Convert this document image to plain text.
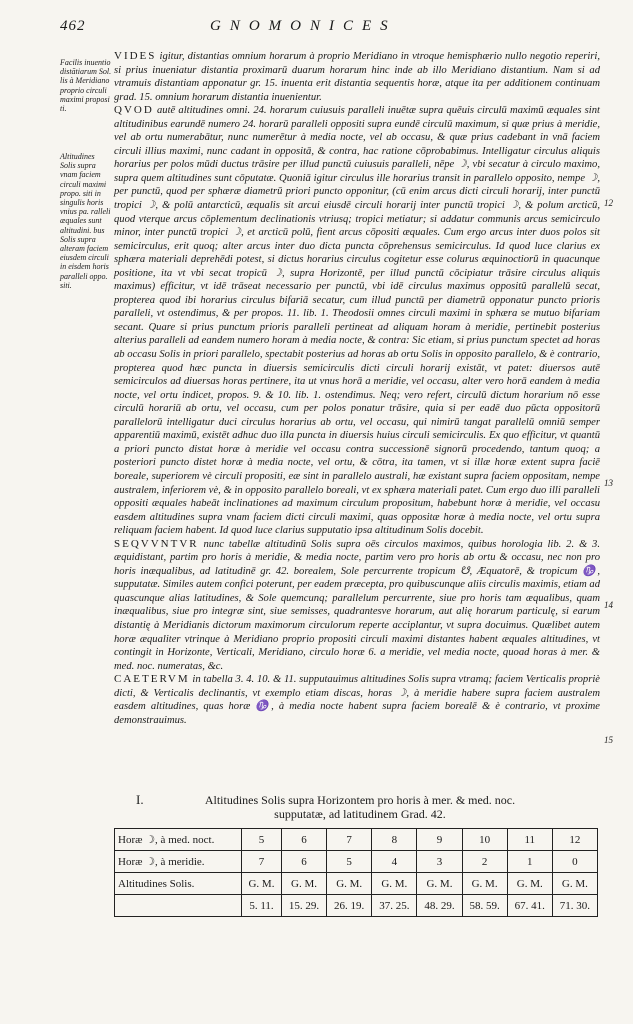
462	GNOMONICES
Facilis inuentio distātiarum Sol. lis à Meridiano proprio circuli maximi proposi ti.
Altitudines Solis supra vnam faciem circuli maximi propo. siti in singulis horis vnius pa. ralleli æquales sunt altitudini. bus Solis supra alteram faciem eiusdem circuli in eisdem horis paralleli oppo. siti.

VIDES igitur, distantias omnium horarum à proprio Meridiano in vtroque hemisphærio nullo negotio reperiri, si prius inueniatur distantia proximarū duarum horarum hinc inde ab illo Meridiano distantium. Nam si ad vtramuis distantiam apponatur gr. 15. inuenta erit distantia sequentis horæ, atque ita per additionem continuam grad. 15. omnium horarum distantia inuenientur.

QVOD autē altitudines omni. 24. horarum cuiusuis paralleli inuētæ supra quēuis circulū maximū æquales sint altitudinibus earundē numero 24. horarū paralleli oppositi supra eundē circulū maximum, si quæ prius à meridie, vel ab ortu numerabātur, nunc numerētur à media nocte, vel ab occasu, & quæ prius cadebant in vnā faciem circuli illius maximi, nunc cadant in oppositā, & contra, hac ratione cōprobabimus. Intelligatur circulus aliquis horarius per polos mūdi ductus trāsire per illud punctū cuiusuis paralleli, nēpe ☽, vbi secatur à circulo maximo, supra quem altitudines sunt cōputatæ. Quoniā igitur circulus ille horarius transit in parallelo opposito, nempe ☽, per punctū, quod per sphæræ diametrū priori puncto opponitur, (cū enim arcus dicti circuli horarij, inter punctū tropici ☽, & polū antarcticū, æqualis sit arcui eiusdē circuli horarij inter punctū tropici ☽, & polum arcticū, quod vterque arcus cōplementum declinationis vtriusq; tropici metiatur; si addatur communis arcus semicirculo minor, inter punctū tropici ☽, et arcticū polū, fient arcus cōpositi æquales. Cum ergo arcus inter duos polos sit semicirculus, erit quoq; alter arcus inter duo dicta puncta cōprehensus semicirculus. Id quod luce clarius ex sphæra materiali deprehēdi potest, si dictus horarius circulus cogitetur esse colurus æquinoctiorū in quacunque positione, ita vt vbi secat tropicū ☽, supra Horizontē, per illud punctū cōcipiatur trāsire circulus aliquis maximus) efficitur, vt idē trāseat necessario per punctū, vbi idē circulus maximus oppositū parallelū secat, propterea quod ibi horarius circulus bifariā secatur, cum illud punctū per diametrū opponatur puncto prioris paralleli, vt ostendimus, & per propos. 11. lib. 1. Theodosii omnes circuli maximi in sphæra se mutuo bifariam secant. Quare si prius punctum prioris paralleli pertineat ad aliquam horam à meridie, pertinebit posterius alterius paralleli ad eandem numero horam à media nocte, & contra: Sic etiam, si prius punctum spectet ad horas ab occasu Solis in priori parallelo, spectabit posterius ad horas ab ortu Solis in opposito parallelo, & è contrario, propterea quod hæc puncta in diuersis semicirculis dicti circuli horarij existāt, vt patet: diuersos autē semicirculos ad diuersas horas pertinere, ita ut vnus horā a meridie, vel occasu, alter vero horā eandem à media nocte, vel ortu indicet, propos. 9. & 10. lib. 1. ostendimus. Neq; vero refert, circulū dictum horarium nō esse circulū horariū ab ortu, vel occasu, cum per polos ponatur trāsire, quia si per eadē duo pūcta oppositorū parallelorū intelligatur duci circulus horarius ab ortu, vel occasu, qui nimirū tangat parallelū omniū semper apparentiū maximū, existēt adhuc duo illa puncta in diuersis huius circuli semicirculis. Ex quo efficitur, vt quantū a priori puncto distat horæ à meridie vel occasu contra successionē signorū procedendo, tantum quoq; a posteriori puncto distet horæ à media nocte, vel ortu, & cōtra, ita tamen, vt si illæ horæ extent supra faciē boreale, superiorem vè circuli propositi, eæ sint in parallelo australi, hæ existant supra faciem oppositam, nempe australem, inferiorem vè, & in opposito parallelo boreali, vt ex sphæra materiali patet. Cum ergo duo illi paralleli oppositi æquales habeāt inclinationes ad maximum circulum propositum, habebunt horæ à meridie, vel occasu easdem altitudines supra vnam faciem dicti circuli maximi, quas oppositæ horæ à media nocte, vel ortu supra reliquam faciem habent. Id quod luce clarius supputatio ipsa altitudinum Solis docebit.

SEQVVNTVR nunc tabellæ altitudinū Solis supra oēs circulos maximos, quibus horologia lib. 2. & 3. æquidistant, partim pro horis à meridie, & media nocte, partim vero pro horis ab ortu & occasu, nec non pro horis inæqualibus, ad latitudinē gr. 42. borealem, Sole percurrente tropicum ☋, Æquatorē, & tropicum ♑, supputatæ. Similes autem confici poterunt, per eadem præcepta, pro quibuscunque aliis circulis maximis, etiam ad quascunque alias latitudines, & Sole quemcunq; parallelum percurrente, siue pro horis tam æqualibus, quam inæqualibus, siue pro integræ sint, siue semisses, quadrantesve horarum, aut alię horarum particulę, si earum distantię à Meridianis dictorum maximorum circulorum reperte acciplantur, vt supra docuimus. Quælibet autem horæ æqualiter vtrinque à Meridiano proprio propositi circuli maximi distantes habent æquales altitudines, vt contingit in Horizonte, Verticali, Meridiano, circulo horæ 6. a meridie, vel media nocte, quoad horas à mer. & med. noc. numeratas, &c.

CAETERVM in tabella 3. 4. 10. & 11. supputauimus altitudines Solis supra vtramq; faciem Verticalis propriè dicti, & Verticalis declinantis, vt exemplo etiam discas, horas ☽, à meridie habere supra faciem australem easdem altitudines, quas horæ ♑, à media nocte habent supra faciem borealē & è contrario, vt proxime demonstrauimus.

12
13
14
15
I.	Altitudines Solis supra Horizontem pro horis à mer. & med. noc.
supputatæ, ad latitudinem Grad. 42.
Horæ ☽, à med. noct.	5	6	7	8	9	10	11	12
Horæ ☽, à meridie.	7	6	5	4	3	2	1	0
Altitudines Solis.	G. M.	G. M.	G. M.	G. M.	G. M.	G. M.	G. M.	G. M.
	5. 11.	15. 29.	26. 19.	37. 25.	48. 29.	58. 59.	67. 41.	71. 30.
